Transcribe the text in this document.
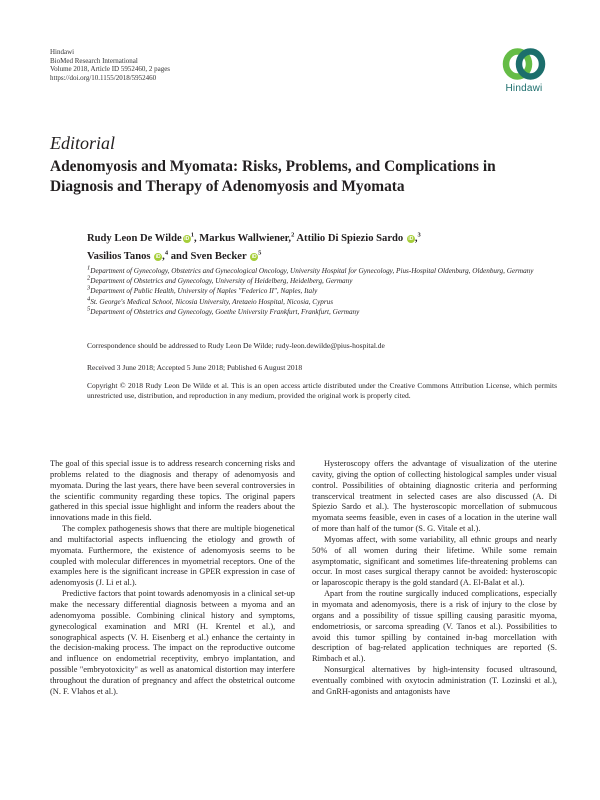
Hindawi
BioMed Research International
Volume 2018, Article ID 5952460, 2 pages
https://doi.org/10.1155/2018/5952460
Hindawi
Editorial
Adenomyosis and Myomata: Risks, Problems, and Complications in Diagnosis and Therapy of Adenomyosis and Myomata
Rudy Leon De Wilde $iD^1$, Markus Wallwiener,$^2$ Attilio Di Spiezio Sardo iD ,$^3$
Vasilios Tanos iD ,$^4$ and Sven Becker $iD^5$
$^1$Department of Gynecology, Obstetrics and Gynecological Oncology, University Hospital for Gynecology, Pius-Hospital Oldenburg, Oldenburg, Germany
$^2$Department of Obstetrics and Gynecology, University of Heidelberg, Heidelberg, Germany
$^3$Department of Public Health, University of Naples "Federico II", Naples, Italy
$^4$St. George's Medical School, Nicosia University, Aretaeio Hospital, Nicosia, Cyprus
$^5$Department of Obstetrics and Gynecology, Goethe University Frankfurt, Frankfurt, Germany
Correspondence should be addressed to Rudy Leon De Wilde; rudy-leon.dewilde@pius-hospital.de
Received 3 June 2018; Accepted 5 June 2018; Published 6 August 2018
Copyright © 2018 Rudy Leon De Wilde et al. This is an open access article distributed under the Creative Commons Attribution License, which permits unrestricted use, distribution, and reproduction in any medium, provided the original work is properly cited.

The goal of this special issue is to address research concerning risks and problems related to the diagnosis and therapy of adenomyosis and myomata. During the last years, there have been several controversies in the scientific community regarding these topics. The original papers gathered in this special issue highlight and inform the readers about the innovations made in this field.

The complex pathogenesis shows that there are multiple biogenetical and multifactorial aspects influencing the etiology and growth of myomata. Furthermore, the existence of adenomyosis seems to be coupled with molecular differences in myometrial receptors. One of the examples here is the significant increase in GPER expression in case of adenomyosis (J. Li et al.).

Predictive factors that point towards adenomyosis in a clinical set-up make the necessary differential diagnosis between a myoma and an adenomyoma possible. Combining clinical history and symptoms, gynecological examination and MRI (H. Krentel et al.), and sonographical aspects (V. H. Eisenberg et al.) enhance the certainty in the decision-making process. The impact on the reproductive outcome and influence on endometrial receptivity, embryo implantation, and possible "embryotoxicity" as well as anatomical distortion may interfere throughout the duration of pregnancy and affect the obstetrical outcome (N. F. Vlahos et al.).

Hysteroscopy offers the advantage of visualization of the uterine cavity, giving the option of collecting histological samples under visual control. Possibilities of obtaining diagnostic criteria and performing transcervical treatment in selected cases are also discussed (A. Di Spiezio Sardo et al.). The hysteroscopic morcellation of submucous myomata seems feasible, even in cases of a location in the uterine wall of more than half of the tumor (S. G. Vitale et al.).

Myomas affect, with some variability, all ethnic groups and nearly 50% of all women during their lifetime. While some remain asymptomatic, significant and sometimes life-threatening problems can occur. In most cases surgical therapy cannot be avoided: hysteroscopic or laparoscopic therapy is the gold standard (A. El-Balat et al.).

Apart from the routine surgically induced complications, especially in myomata and adenomyosis, there is a risk of injury to the close by organs and a possibility of tissue spilling causing parasitic myoma, endometriosis, or sarcoma spreading (V. Tanos et al.). Possibilities to avoid this tumor spilling by contained in-bag morcellation with description of bag-related application techniques are reported (S. Rimbach et al.).

Nonsurgical alternatives by high-intensity focused ultrasound, eventually combined with oxytocin administration (T. Lozinski et al.), and GnRH-agonists and antagonists have
